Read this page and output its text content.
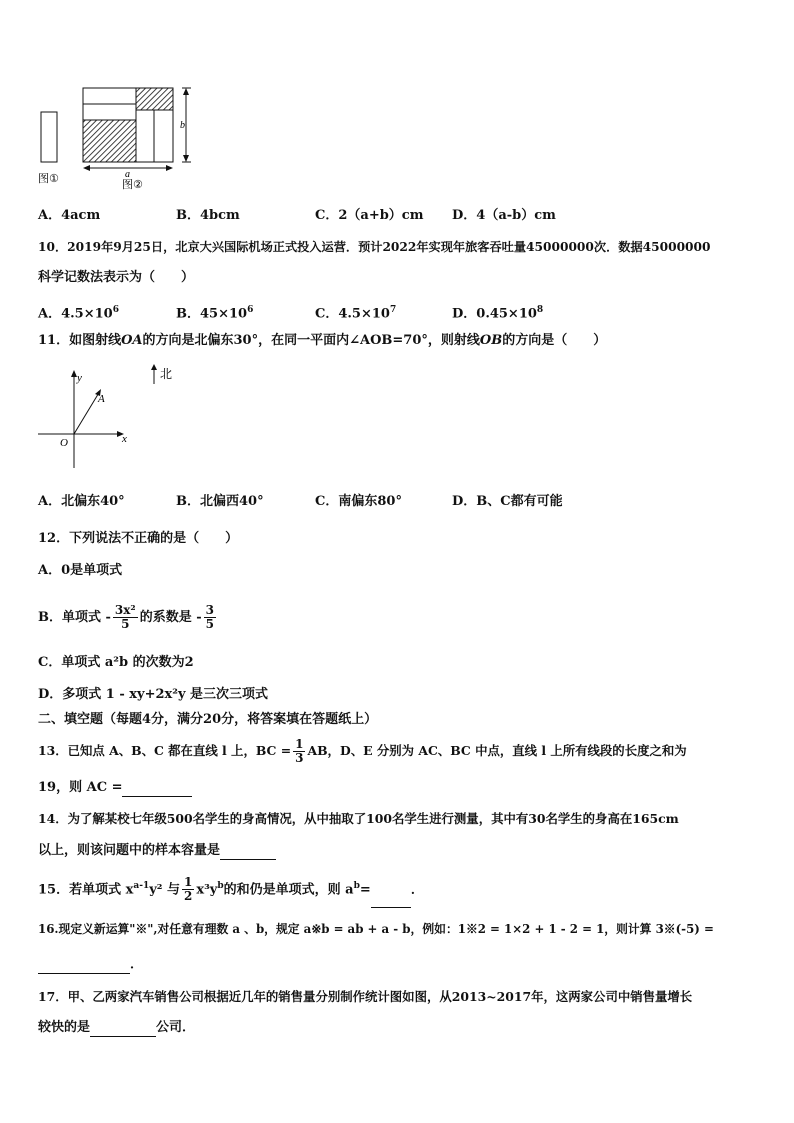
b
a
图①	图②
A．4acm	B．4bcm	C．2（a+b）cm D．4（a-b）cm
10．2019年9月25日，北京大兴国际机场正式投入运营．预计2022年实现年旅客吞吐量45000000次．数据45000000
科学记数法表示为（　　）
A．$4.5\times 10^6$	B．$45\times 10^6$	C．$4.5\times 10^7$	D．$0.45\times 10^8$
11．如图射线OA的方向是北偏东30°，在同一平面内∠AOB=70°，则射线OB的方向是（　　）
y
x
O
A
北
A．北偏东40°	B．北偏西40°	C．南偏东80°	D．B、C都有可能
12．下列说法不正确的是（　　）
A．0是单项式
B．单项式 - $\frac{\text{3x²}}{5}$ 的系数是 - $\frac{3}{5}$
C．单项式 a²b 的次数为2
D．多项式 1 - xy+2x²y 是三次三项式
二、填空题（每题4分，满分20分，将答案填在答题纸上）
13．已知点 A、B、C 都在直线 l 上，BC = $\frac{1}{3}$ AB，D、E 分别为 AC、BC 中点，直线 l 上所有线段的长度之和为
19，则 AC =
14．为了解某校七年级500名学生的身高情况，从中抽取了100名学生进行测量，其中有30名学生的身高在165cm
以上，则该问题中的样本容量是
15．若单项式 $x^{a-1}y^2$ 与 $\frac{1}{2} x^3y^b$的和仍是单项式，则 $a^b=$	．
16.现定义新运算"※",对任意有理数 a 、b，规定 a※b = ab + a - b，例如：1※2 = 1×2 + 1 - 2 = 1，则计算 3※(-5) =
．
17．甲、乙两家汽车销售公司根据近几年的销售量分别制作统计图如图，从2013~2017年，这两家公司中销售量增长
较快的是	公司．
